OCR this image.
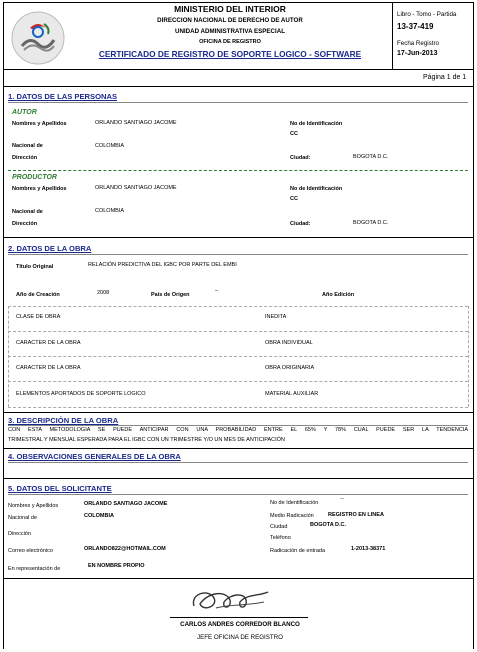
MINISTERIO DEL INTERIOR
DIRECCION NACIONAL DE DERECHO DE AUTOR
UNIDAD ADMINISTRATIVA ESPECIAL
OFICINA DE REGISTRO
CERTIFICADO DE REGISTRO DE SOPORTE LOGICO - SOFTWARE
Libro - Tomo - Partida
13-37-419
Fecha Registro
17-Jun-2013
Página 1 de 1
1. DATOS DE LAS PERSONAS
AUTOR
Nombres y Apellidos	ORLANDO SANTIAGO JACOME	No de Identificación
CC
Nacional de	COLOMBIA
Dirección	Ciudad:	BOGOTA D.C.
PRODUCTOR
Nombres y Apellidos	ORLANDO SANTIAGO JACOME	No de Identificación
CC
Nacional de	COLOMBIA
Dirección	Ciudad:	BOGOTA D.C.
2. DATOS DE LA OBRA
Título Original	RELACIÓN PREDICTIVA DEL IGBC POR PARTE DEL EMBI
Año de Creación	2008	País de Origen
–
Año Edición
CLASE DE OBRA	INEDITA
CARACTER DE LA OBRA	OBRA INDIVIDUAL
CARACTER DE LA OBRA	OBRA ORIGINARIA
ELEMENTOS APORTADOS DE SOPORTE LOGICO	MATERIAL AUXILIAR
3. DESCRIPCIÓN DE LA OBRA
CON ESTA METODOLOGÍA SE PUEDE ANTICIPAR CON UNA PROBABILIDAD ENTRE EL 65% Y 78% CUAL PUEDE SER LA TENDENCIA
TRIMESTRAL Y MENSUAL ESPERADA PARA EL IGBC CON UN TRIMESTRE Y/O UN MES DE ANTICIPACIÓN
4. OBSERVACIONES GENERALES DE LA OBRA
5. DATOS DEL SOLICITANTE
Nombres y Apellidos	ORLANDO SANTIAGO JACOME
Nacional de	COLOMBIA
Dirección
Correo electrónico	ORLANDO822@HOTMAIL.COM
En representación de	EN NOMBRE PROPIO
No de Identificación
--
Medio Radicación	REGISTRO EN LINEA
Ciudad	BOGOTA D.C.
Teléfono
Radicación de entrada	1-2013-38371
CARLOS ANDRES CORREDOR BLANCO
JEFE OFICINA DE REGISTRO
